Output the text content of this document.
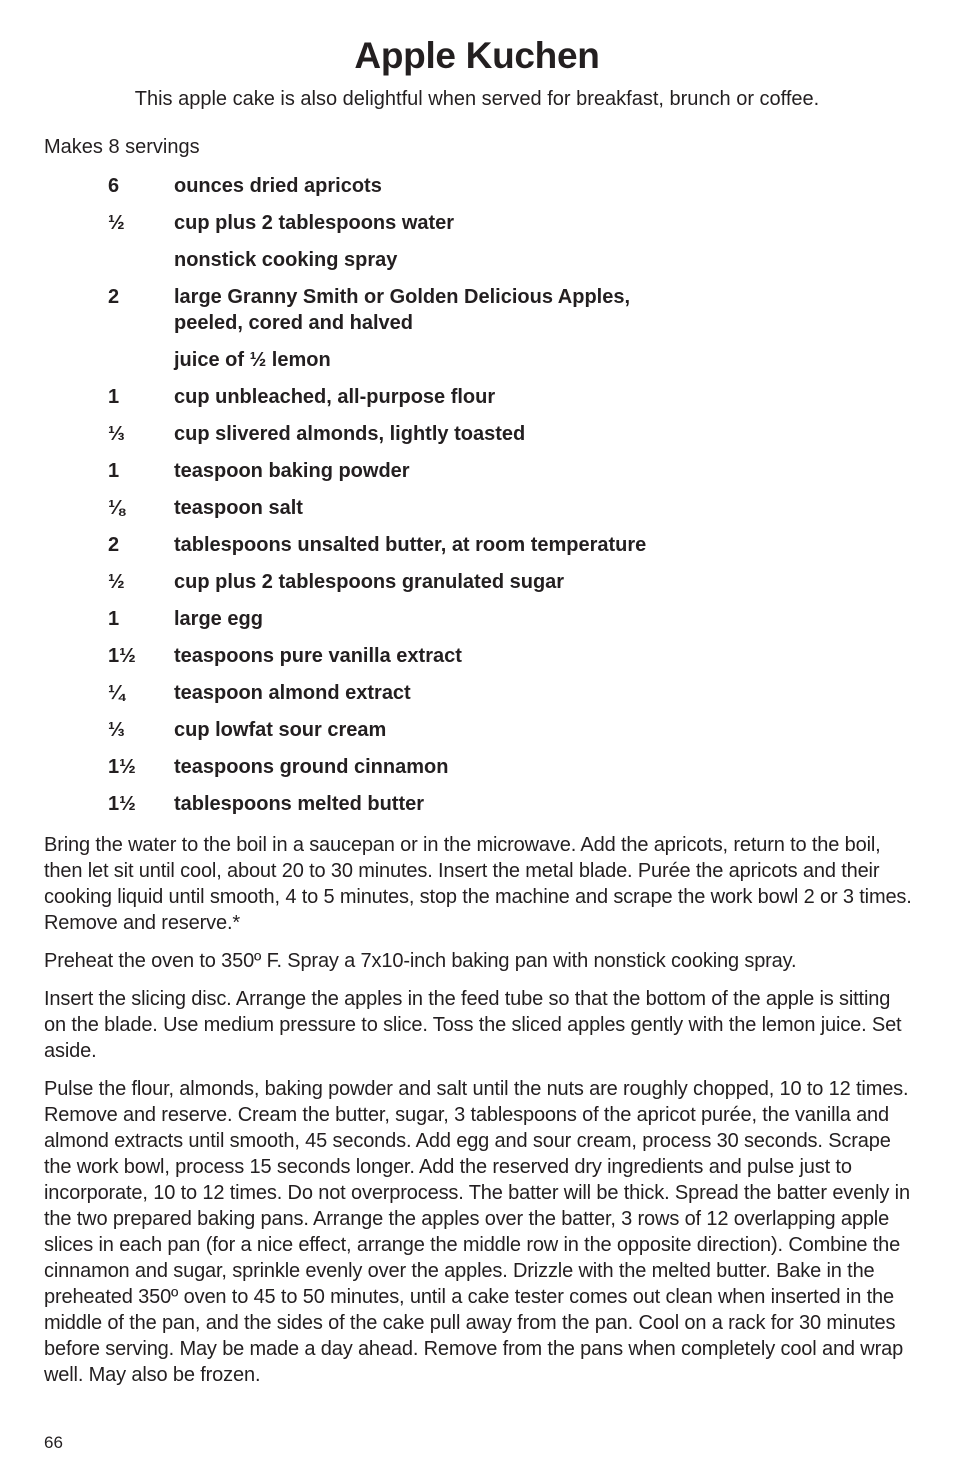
Apple Kuchen
This apple cake is also delightful when served for breakfast, brunch or coffee.
Makes 8 servings
6	ounces dried apricots
½	cup plus 2 tablespoons water
nonstick cooking spray
2	large Granny Smith or Golden Delicious Apples,
peeled, cored and halved
juice of ½ lemon
1	cup unbleached, all-purpose flour
⅓	cup slivered almonds, lightly toasted
1	teaspoon baking powder
⅛	teaspoon salt
2	tablespoons unsalted butter, at room temperature
½	cup plus 2 tablespoons granulated sugar
1	large egg
1½	teaspoons pure vanilla extract
¼	teaspoon almond extract
⅓	cup lowfat sour cream
1½	teaspoons ground cinnamon
1½	tablespoons melted butter

Bring the water to the boil in a saucepan or in the microwave. Add the apricots, return to the boil, then let sit until cool, about 20 to 30 minutes. Insert the metal blade. Purée the apricots and their cooking liquid until smooth, 4 to 5 minutes, stop the machine and scrape the work bowl 2 or 3 times. Remove and reserve.*

Preheat the oven to 350º F. Spray a 7x10-inch baking pan with nonstick cooking spray.

Insert the slicing disc. Arrange the apples in the feed tube so that the bottom of the apple is sitting on the blade. Use medium pressure to slice. Toss the sliced apples gently with the lemon juice. Set aside.

Pulse the flour, almonds, baking powder and salt until the nuts are roughly chopped, 10 to 12 times. Remove and reserve. Cream the butter, sugar, 3 tablespoons of the apricot purée, the vanilla and almond extracts until smooth, 45 seconds. Add egg and sour cream, process 30 seconds. Scrape the work bowl, process 15 seconds longer. Add the reserved dry ingredients and pulse just to incorporate, 10 to 12 times. Do not overprocess. The batter will be thick. Spread the batter evenly in the two prepared baking pans. Arrange the apples over the batter, 3 rows of 12 overlapping apple slices in each pan (for a nice effect, arrange the middle row in the opposite direction). Combine the cinnamon and sugar, sprinkle evenly over the apples. Drizzle with the melted butter. Bake in the preheated 350º oven to 45 to 50 minutes, until a cake tester comes out clean when inserted in the middle of the pan, and the sides of the cake pull away from the pan. Cool on a rack for 30 minutes before serving. May be made a day ahead. Remove from the pans when completely cool and wrap well. May also be frozen.

66
